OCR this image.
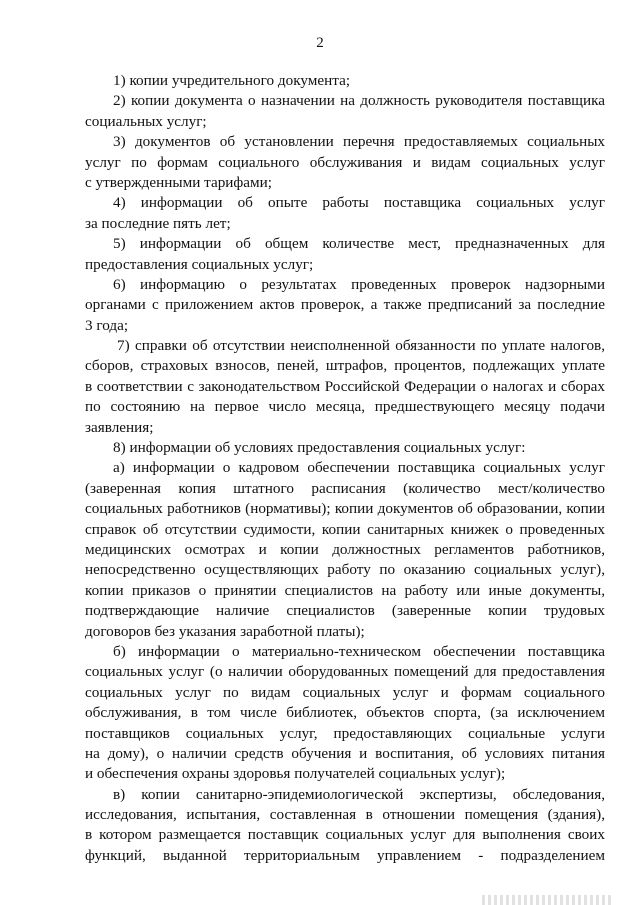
2
1) копии учредительного документа;
2) копии документа о назначении на должность руководителя поставщика
социальных услуг;
3) документов об установлении перечня предоставляемых социальных
услуг по формам социального обслуживания и видам социальных услуг
с утвержденными тарифами;
4) информации об опыте работы поставщика социальных услуг
за последние пять лет;
5) информации об общем количестве мест, предназначенных для
предоставления социальных услуг;
6) информацию о результатах проведенных проверок надзорными
органами с приложением актов проверок, а также предписаний за последние
3 года;
7) справки об отсутствии неисполненной обязанности по уплате налогов,
сборов, страховых взносов, пеней, штрафов, процентов, подлежащих уплате
в соответствии с законодательством Российской Федерации о налогах и сборах
по состоянию на первое число месяца, предшествующего месяцу подачи
заявления;
8) информации об условиях предоставления социальных услуг:
а) информации о кадровом обеспечении поставщика социальных услуг
(заверенная копия штатного расписания (количество мест/количество
социальных работников (нормативы); копии документов об образовании, копии
справок об отсутствии судимости, копии санитарных книжек о проведенных
медицинских осмотрах и копии должностных регламентов работников,
непосредственно осуществляющих работу по оказанию социальных услуг),
копии приказов о принятии специалистов на работу или иные документы,
подтверждающие наличие специалистов (заверенные копии трудовых
договоров без указания заработной платы);
б) информации о материально-техническом обеспечении поставщика
социальных услуг (о наличии оборудованных помещений для предоставления
социальных услуг по видам социальных услуг и формам социального
обслуживания, в том числе библиотек, объектов спорта, (за исключением
поставщиков социальных услуг, предоставляющих социальные услуги
на дому), о наличии средств обучения и воспитания, об условиях питания
и обеспечения охраны здоровья получателей социальных услуг);
в) копии санитарно-эпидемиологической экспертизы, обследования,
исследования, испытания, составленная в отношении помещения (здания),
в котором размещается поставщик социальных услуг для выполнения своих
функций, выданной территориальным управлением - подразделением
